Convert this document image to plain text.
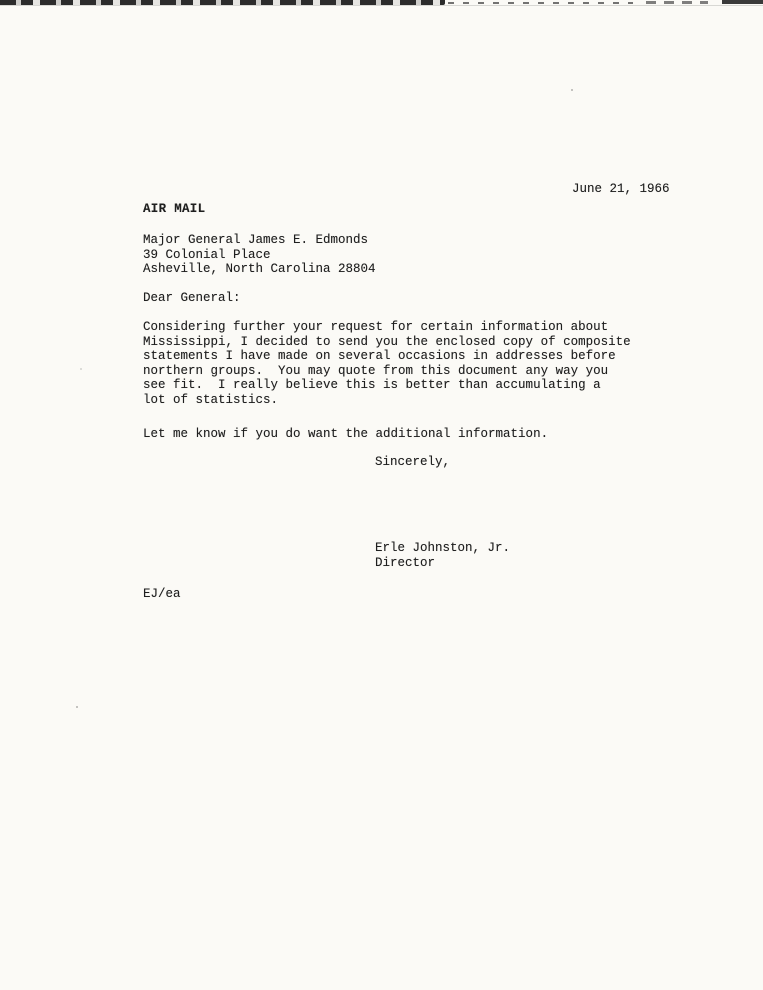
June 21, 1966
AIR MAIL
Major General James E. Edmonds
39 Colonial Place
Asheville, North Carolina 28804
Dear General:
Considering further your request for certain information about
Mississippi, I decided to send you the enclosed copy of composite
statements I have made on several occasions in addresses before
northern groups.  You may quote from this document any way you
see fit.  I really believe this is better than accumulating a
lot of statistics.
Let me know if you do want the additional information.
Sincerely,
Erle Johnston, Jr.
Director
EJ/ea
